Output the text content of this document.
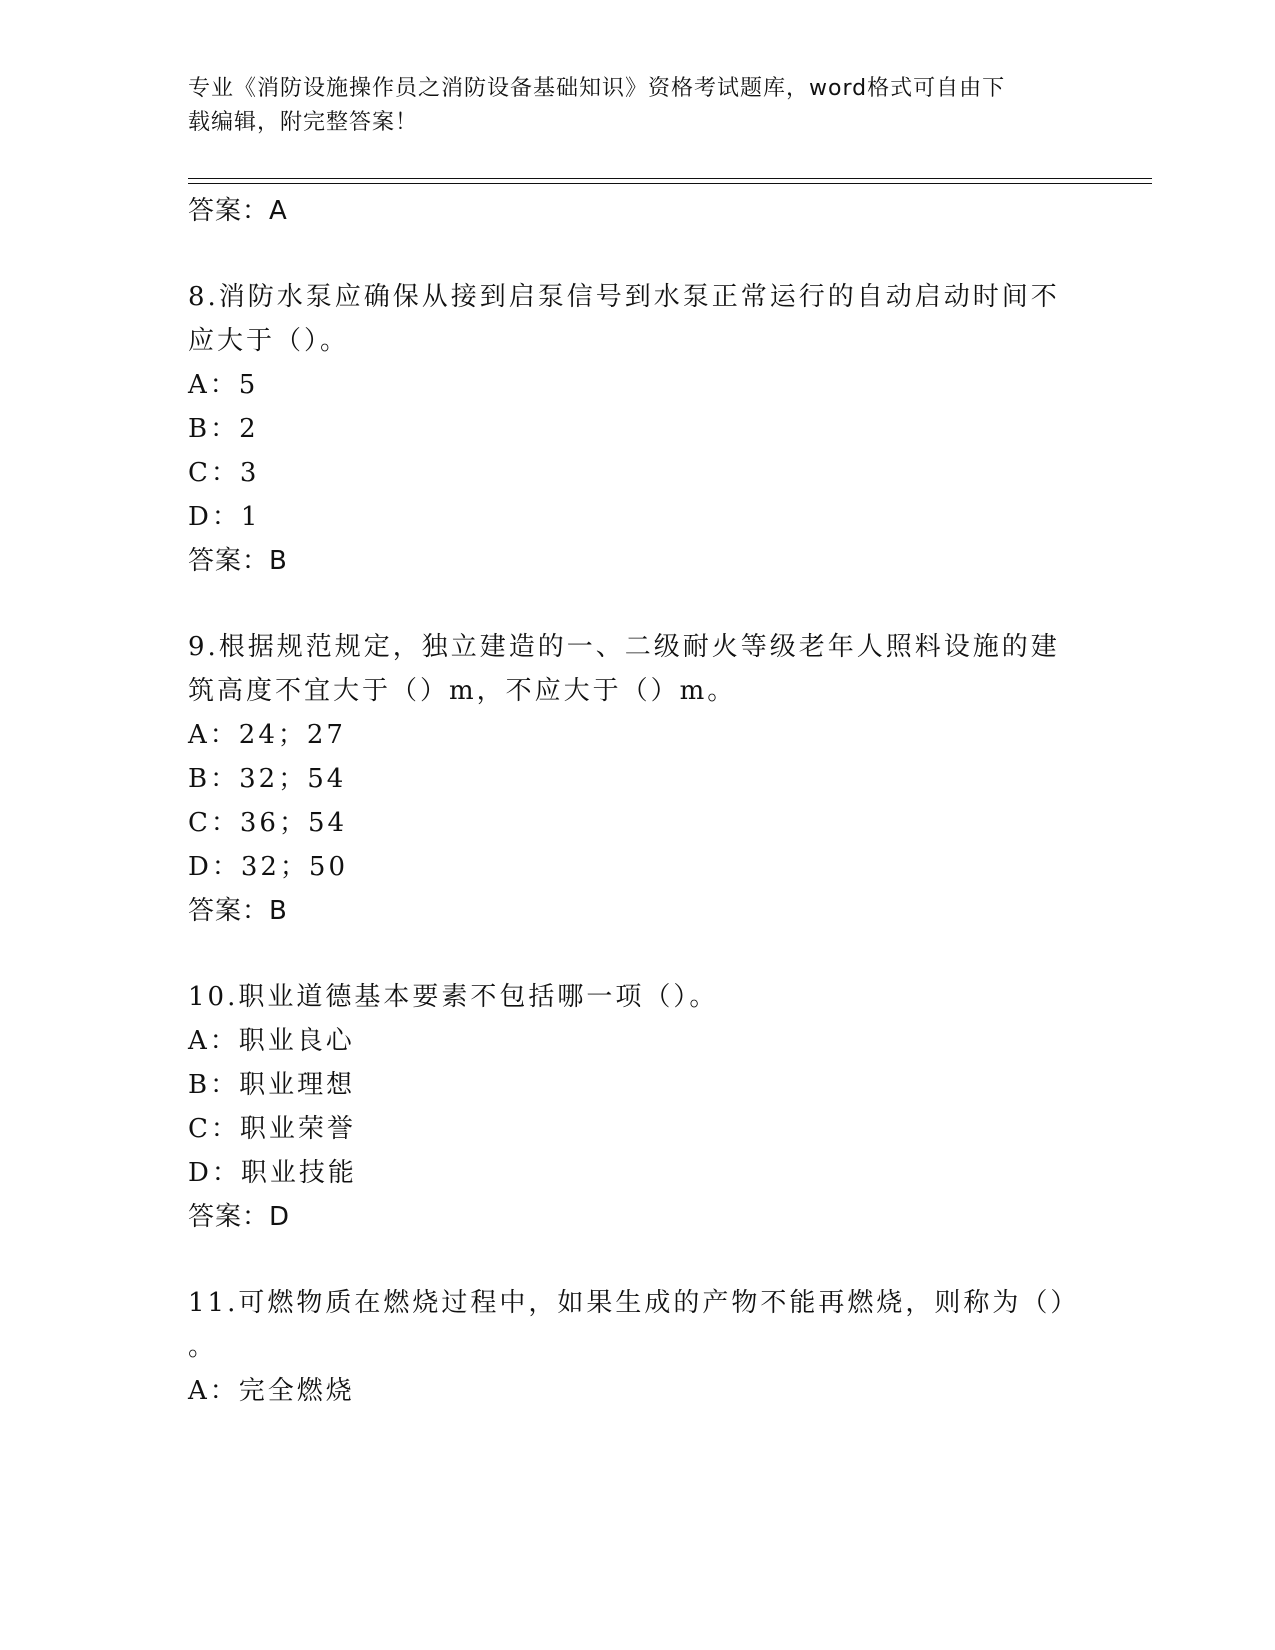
专业《消防设施操作员之消防设备基础知识》资格考试题库，word格式可自由下
载编辑，附完整答案！
答案：A
8.消防水泵应确保从接到启泵信号到水泵正常运行的自动启动时间不
应大于（）。
A：5
B：2
C：3
D：1
答案：B
9.根据规范规定，独立建造的一、二级耐火等级老年人照料设施的建
筑高度不宜大于（）m，不应大于（）m。
A：24；27
B：32；54
C：36；54
D：32；50
答案：B
10.职业道德基本要素不包括哪一项（）。
A：职业良心
B：职业理想
C：职业荣誉
D：职业技能
答案：D
11.可燃物质在燃烧过程中，如果生成的产物不能再燃烧，则称为（）
。
A：完全燃烧
